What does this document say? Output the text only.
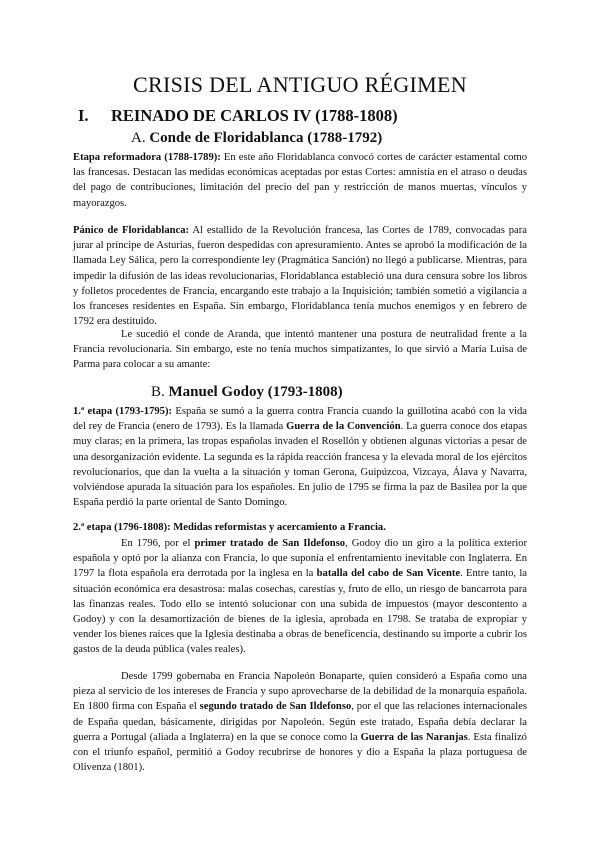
CRISIS DEL ANTIGUO RÉGIMEN
I. REINADO DE CARLOS IV (1788-1808)
A. Conde de Floridablanca (1788-1792)

Etapa reformadora (1788-1789): En este año Floridablanca convocó cortes de carácter estamental como las francesas. Destacan las medidas económicas aceptadas por estas Cortes: amnistía en el atraso o deudas del pago de contribuciones, limitación del precio del pan y restricción de manos muertas, vínculos y mayorazgos.

Pánico de Floridablanca: Al estallido de la Revolución francesa, las Cortes de 1789, convocadas para jurar al príncipe de Asturias, fueron despedidas con apresuramiento. Antes se aprobó la modificación de la llamada Ley Sálica, pero la correspondiente ley (Pragmática Sanción) no llegó a publicarse. Mientras, para impedir la difusión de las ideas revolucionarias, Floridablanca estableció una dura censura sobre los libros y folletos procedentes de Francia, encargando este trabajo a la Inquisición; también sometió a vigilancia a los franceses residentes en España. Sin embargo, Floridablanca tenía muchos enemigos y en febrero de 1792 era destituido.

Le sucedió el conde de Aranda, que intentó mantener una postura de neutralidad frente a la Francia revolucionaria. Sin embargo, este no tenía muchos simpatizantes, lo que sirvió a María Luisa de Parma para colocar a su amante:

B. Manuel Godoy (1793-1808)

1.ª etapa (1793-1795): España se sumó a la guerra contra Francia cuando la guillotina acabó con la vida del rey de Francia (enero de 1793). Es la llamada Guerra de la Convención. La guerra conoce dos etapas muy claras; en la primera, las tropas españolas invaden el Rosellón y obtienen algunas victorias a pesar de una desorganización evidente. La segunda es la rápida reacción francesa y la elevada moral de los ejércitos revolucionarios, que dan la vuelta a la situación y toman Gerona, Guipúzcoa, Vizcaya, Álava y Navarra, volviéndose apurada la situación para los españoles. En julio de 1795 se firma la paz de Basilea por la que España perdió la parte oriental de Santo Domingo.

2.ª etapa (1796-1808): Medidas reformistas y acercamiento a Francia.

En 1796, por el primer tratado de San Ildefonso, Godoy dio un giro a la política exterior española y optó por la alianza con Francia, lo que suponía el enfrentamiento inevitable con Inglaterra. En 1797 la flota española era derrotada por la inglesa en la batalla del cabo de San Vicente. Entre tanto, la situación económica era desastrosa: malas cosechas, carestías y, fruto de ello, un riesgo de bancarrota para las finanzas reales. Todo ello se intentó solucionar con una subida de impuestos (mayor descontento a Godoy) y con la desamortización de bienes de la iglesia, aprobada en 1798. Se trataba de expropiar y vender los bienes raíces que la Iglesia destinaba a obras de beneficencia, destinando su importe a cubrir los gastos de la deuda pública (vales reales).

Desde 1799 gobernaba en Francia Napoleón Bonaparte, quien consideró a España como una pieza al servicio de los intereses de Francia y supo aprovecharse de la debilidad de la monarquía española. En 1800 firma con España el segundo tratado de San Ildefonso, por el que las relaciones internacionales de España quedan, básicamente, dirigidas por Napoleón. Según este tratado, España debía declarar la guerra a Portugal (aliada a Inglaterra) en la que se conoce como la Guerra de las Naranjas. Esta finalizó con el triunfo español, permitió a Godoy recubrirse de honores y dio a España la plaza portuguesa de Olivenza (1801).
